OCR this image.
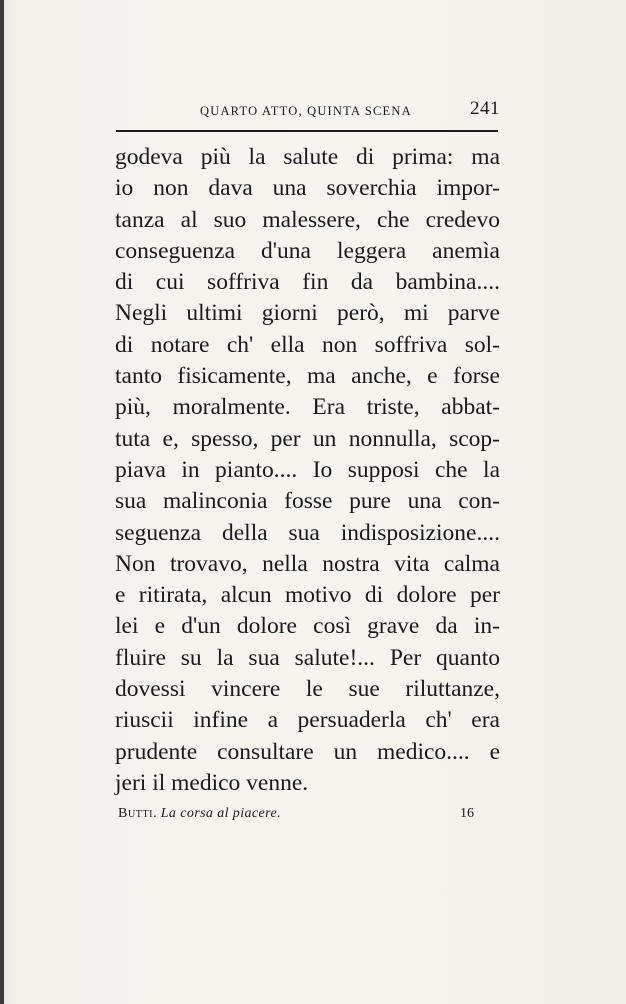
QUARTO ATTO, QUINTA SCENA	241
godeva più la salute di prima: ma
io non dava una soverchia impor-
tanza al suo malessere, che credevo
conseguenza d'una leggera anemìa
di cui soffriva fin da bambina....
Negli ultimi giorni però, mi parve
di notare ch' ella non soffriva sol-
tanto fisicamente, ma anche, e forse
più, moralmente. Era triste, abbat-
tuta e, spesso, per un nonnulla, scop-
piava in pianto.... Io supposi che la
sua malinconia fosse pure una con-
seguenza della sua indisposizione....
Non trovavo, nella nostra vita calma
e ritirata, alcun motivo di dolore per
lei e d'un dolore così grave da in-
fluire su la sua salute!... Per quanto
dovessi vincere le sue riluttanze,
riuscii infine a persuaderla ch' era
prudente consultare un medico.... e
jeri il medico venne.
Butti. La corsa al piacere.	16
